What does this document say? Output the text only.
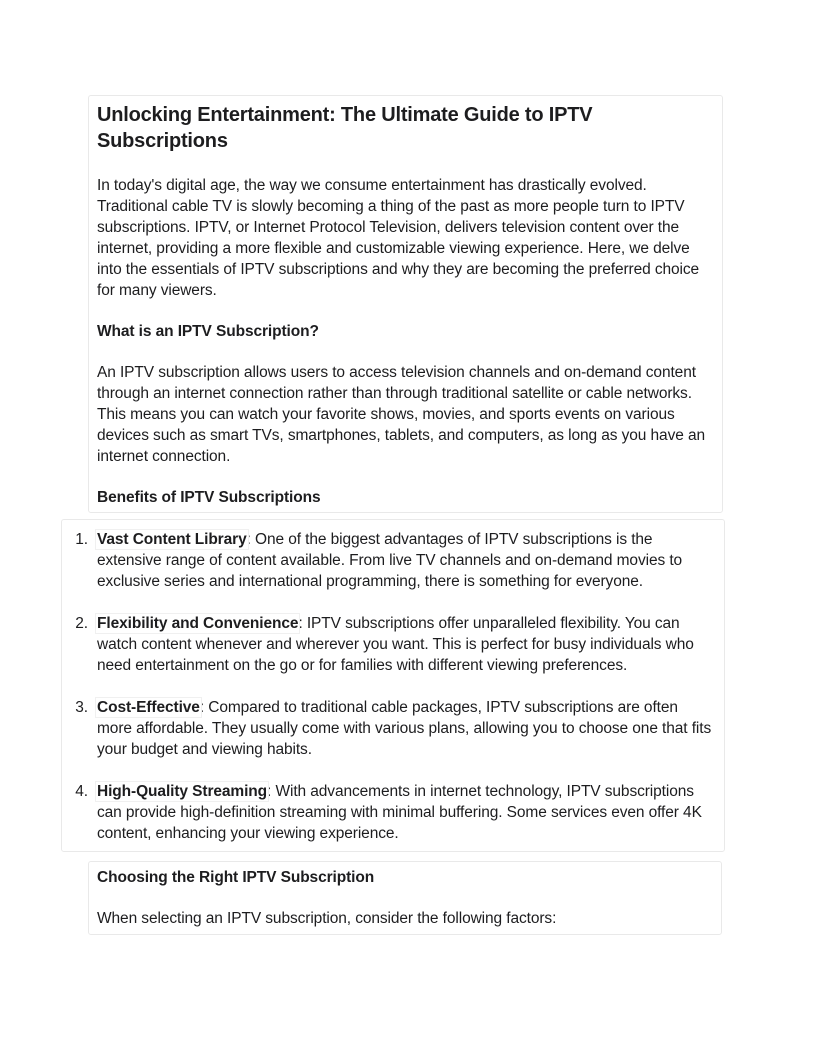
Unlocking Entertainment: The Ultimate Guide to IPTV Subscriptions

In today's digital age, the way we consume entertainment has drastically evolved. Traditional cable TV is slowly becoming a thing of the past as more people turn to IPTV subscriptions. IPTV, or Internet Protocol Television, delivers television content over the internet, providing a more flexible and customizable viewing experience. Here, we delve into the essentials of IPTV subscriptions and why they are becoming the preferred choice for many viewers.

What is an IPTV Subscription?

An IPTV subscription allows users to access television channels and on-demand content through an internet connection rather than through traditional satellite or cable networks. This means you can watch your favorite shows, movies, and sports events on various devices such as smart TVs, smartphones, tablets, and computers, as long as you have an internet connection.

Benefits of IPTV Subscriptions
1. Vast Content Library: One of the biggest advantages of IPTV subscriptions is the extensive range of content available. From live TV channels and on-demand movies to exclusive series and international programming, there is something for everyone.
2. Flexibility and Convenience: IPTV subscriptions offer unparalleled flexibility. You can watch content whenever and wherever you want. This is perfect for busy individuals who need entertainment on the go or for families with different viewing preferences.
3. Cost-Effective: Compared to traditional cable packages, IPTV subscriptions are often more affordable. They usually come with various plans, allowing you to choose one that fits your budget and viewing habits.
4. High-Quality Streaming: With advancements in internet technology, IPTV subscriptions can provide high-definition streaming with minimal buffering. Some services even offer 4K content, enhancing your viewing experience.
Choosing the Right IPTV Subscription

When selecting an IPTV subscription, consider the following factors:
